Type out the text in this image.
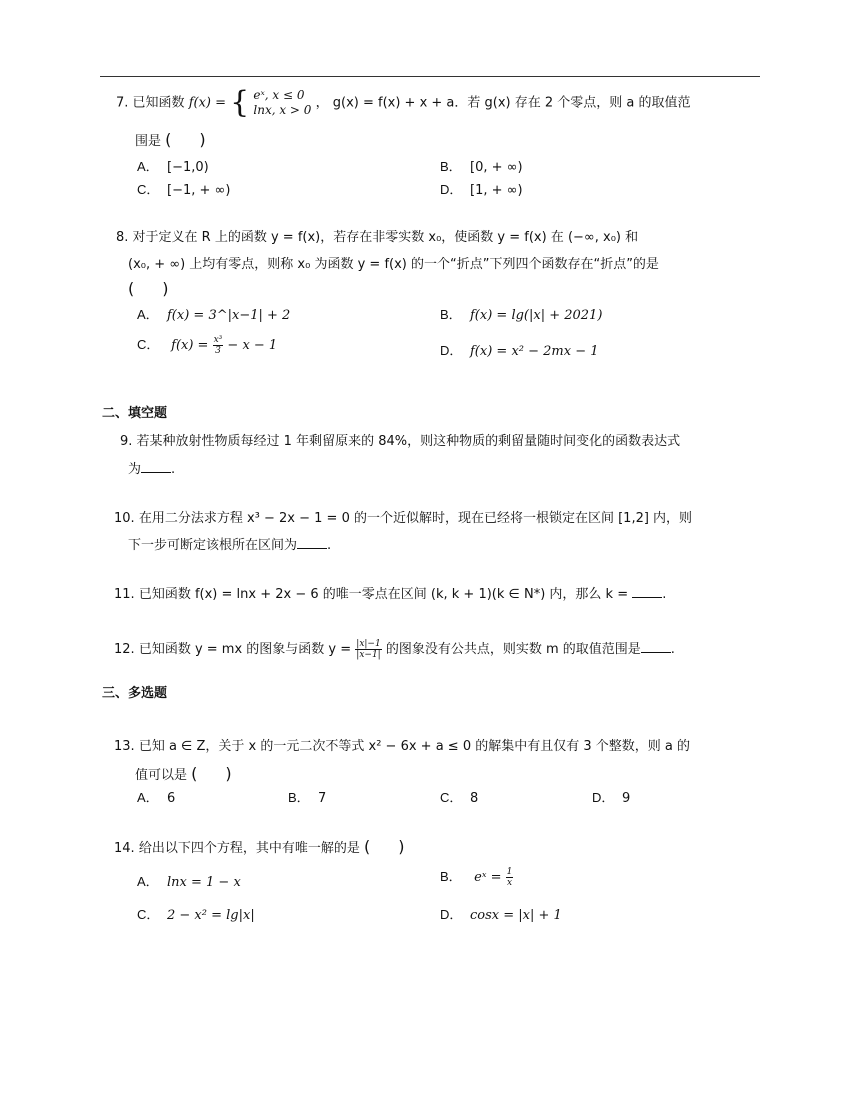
7. 已知函数 f(x) = { eˣ, x ≤ 0
lnx, x > 0 ， g(x) = f(x) + x + a．若 g(x) 存在 2 个零点，则 a 的取值范
围是 (　)
A． [−1,0)	B． [0, + ∞)
C． [−1, + ∞)	D． [1, + ∞)
8. 对于定义在 R 上的函数 y = f(x)，若存在非零实数 x₀，使函数 y = f(x) 在 (−∞, x₀) 和
(x₀, + ∞) 上均有零点，则称 x₀ 为函数 y = f(x) 的一个“折点”下列四个函数存在“折点”的是
(　)
A． f(x) = 3^|x−1| + 2	B． f(x) = lg(|x| + 2021)
C． $f(x) = \frac{\text{x³}}{3} - x - 1$	D． f(x) = x² − 2mx − 1
二、填空题
9. 若某种放射性物质每经过 1 年剩留原来的 84%，则这种物质的剩留量随时间变化的函数表达式
为 .
10. 在用二分法求方程 x³ − 2x − 1 = 0 的一个近似解时，现在已经将一根锁定在区间 [1,2] 内，则
下一步可断定该根所在区间为 .
11. 已知函数 f(x) = lnx + 2x − 6 的唯一零点在区间 (k, k + 1)(k ∈ N*) 内，那么 k =	.
12. 已知函数 y = mx 的图象与函数 $y = \frac{|x|-1}{|x-1|}$ 的图象没有公共点，则实数 m 的取值范围是 .
三、多选题
13. 已知 a ∈ Z，关于 x 的一元二次不等式 x² − 6x + a ≤ 0 的解集中有且仅有 3 个整数，则 a 的
值可以是 (　)
A． 6	B． 7	C． 8	D． 9
14. 给出以下四个方程，其中有唯一解的是 (　)
A． lnx = 1 − x	B． eˣ = $\frac{1}{x}$
C． 2 − x² = lg|x|	D． cosx = |x| + 1
